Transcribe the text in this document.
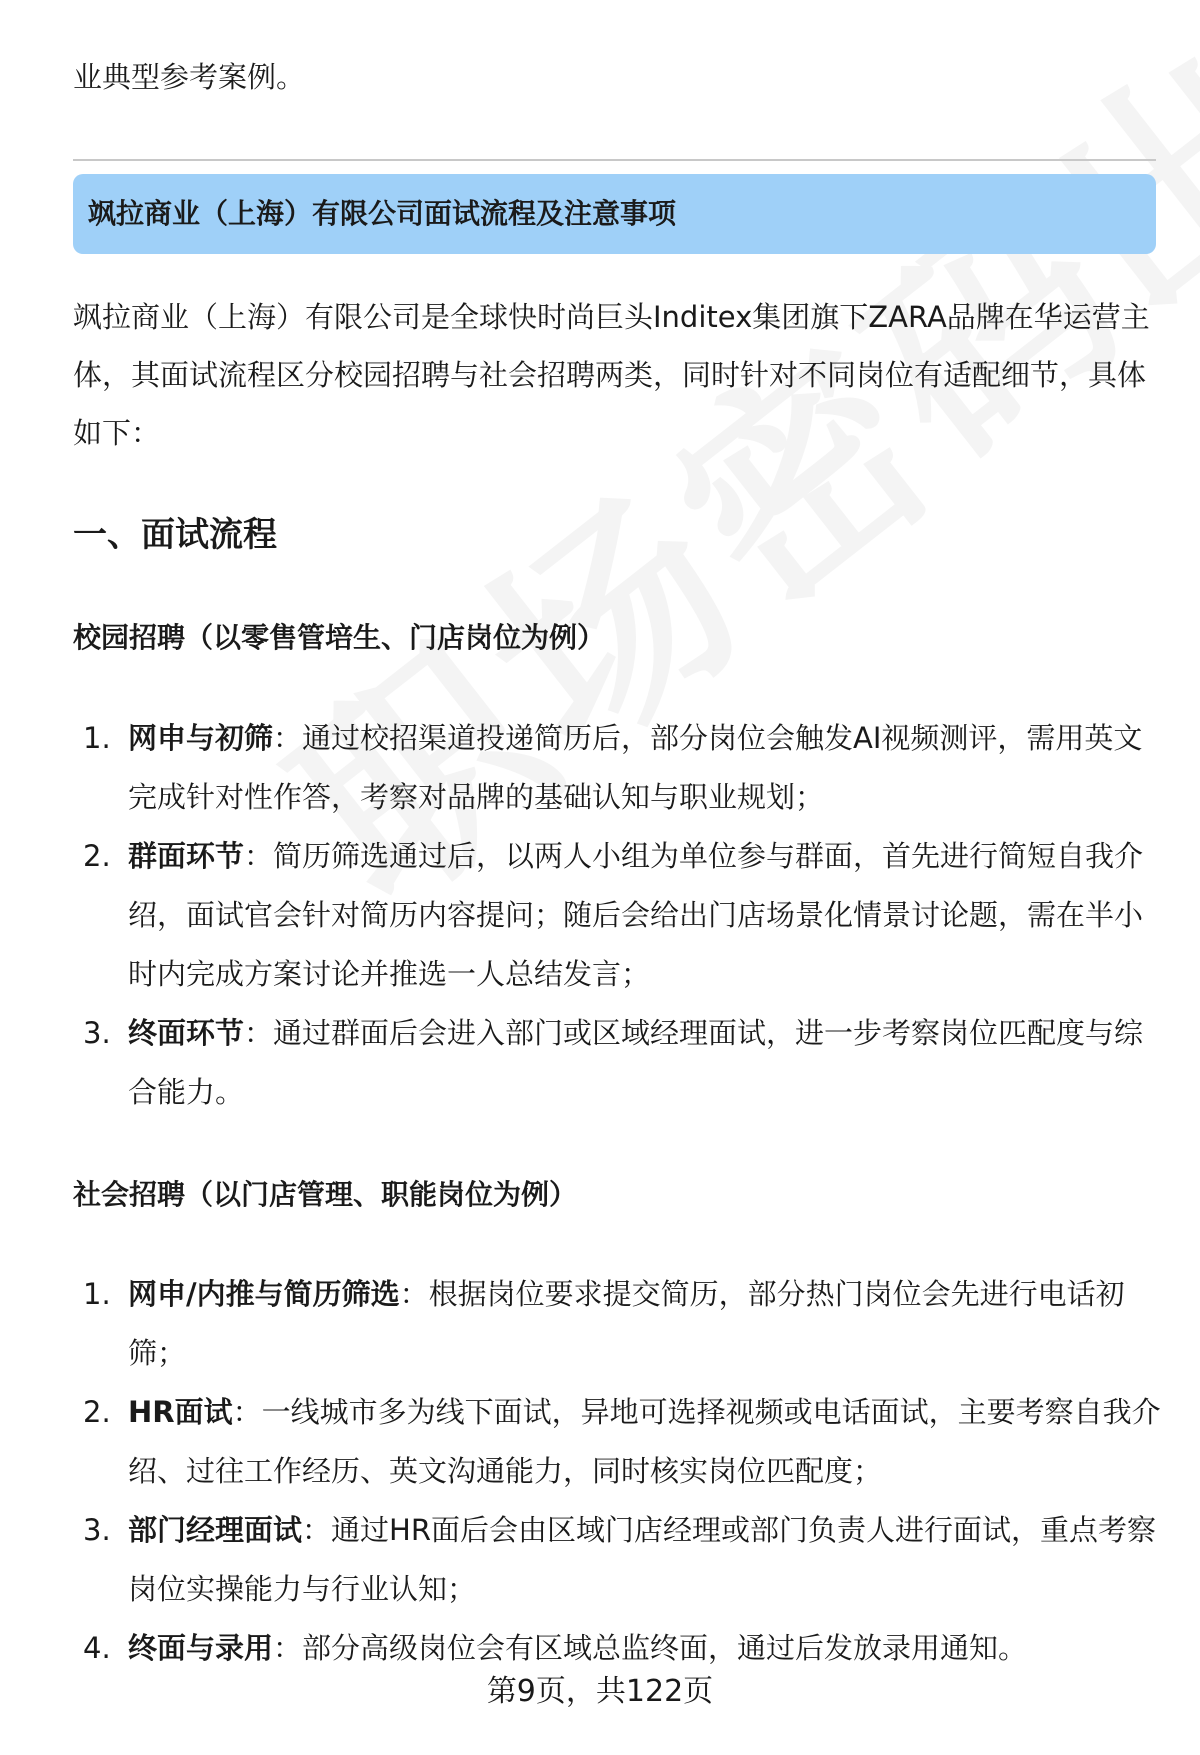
业典型参考案例。
飒拉商业（上海）有限公司面试流程及注意事项
飒拉商业（上海）有限公司是全球快时尚巨头Inditex集团旗下ZARA品牌在华运营主体，其面试流程区分校园招聘与社会招聘两类，同时针对不同岗位有适配细节，具体如下：
一、面试流程
校园招聘（以零售管培生、门店岗位为例）
1. 网申与初筛：通过校招渠道投递简历后，部分岗位会触发AI视频测评，需用英文完成针对性作答，考察对品牌的基础认知与职业规划；
2. 群面环节：简历筛选通过后，以两人小组为单位参与群面，首先进行简短自我介绍，面试官会针对简历内容提问；随后会给出门店场景化情景讨论题，需在半小时内完成方案讨论并推选一人总结发言；
3. 终面环节：通过群面后会进入部门或区域经理面试，进一步考察岗位匹配度与综合能力。
社会招聘（以门店管理、职能岗位为例）
1. 网申/内推与简历筛选：根据岗位要求提交简历，部分热门岗位会先进行电话初筛；
2. HR面试：一线城市多为线下面试，异地可选择视频或电话面试，主要考察自我介绍、过往工作经历、英文沟通能力，同时核实岗位匹配度；
3. 部门经理面试：通过HR面后会由区域门店经理或部门负责人进行面试，重点考察岗位实操能力与行业认知；
4. 终面与录用：部分高级岗位会有区域总监终面，通过后发放录用通知。
第9页，共122页
